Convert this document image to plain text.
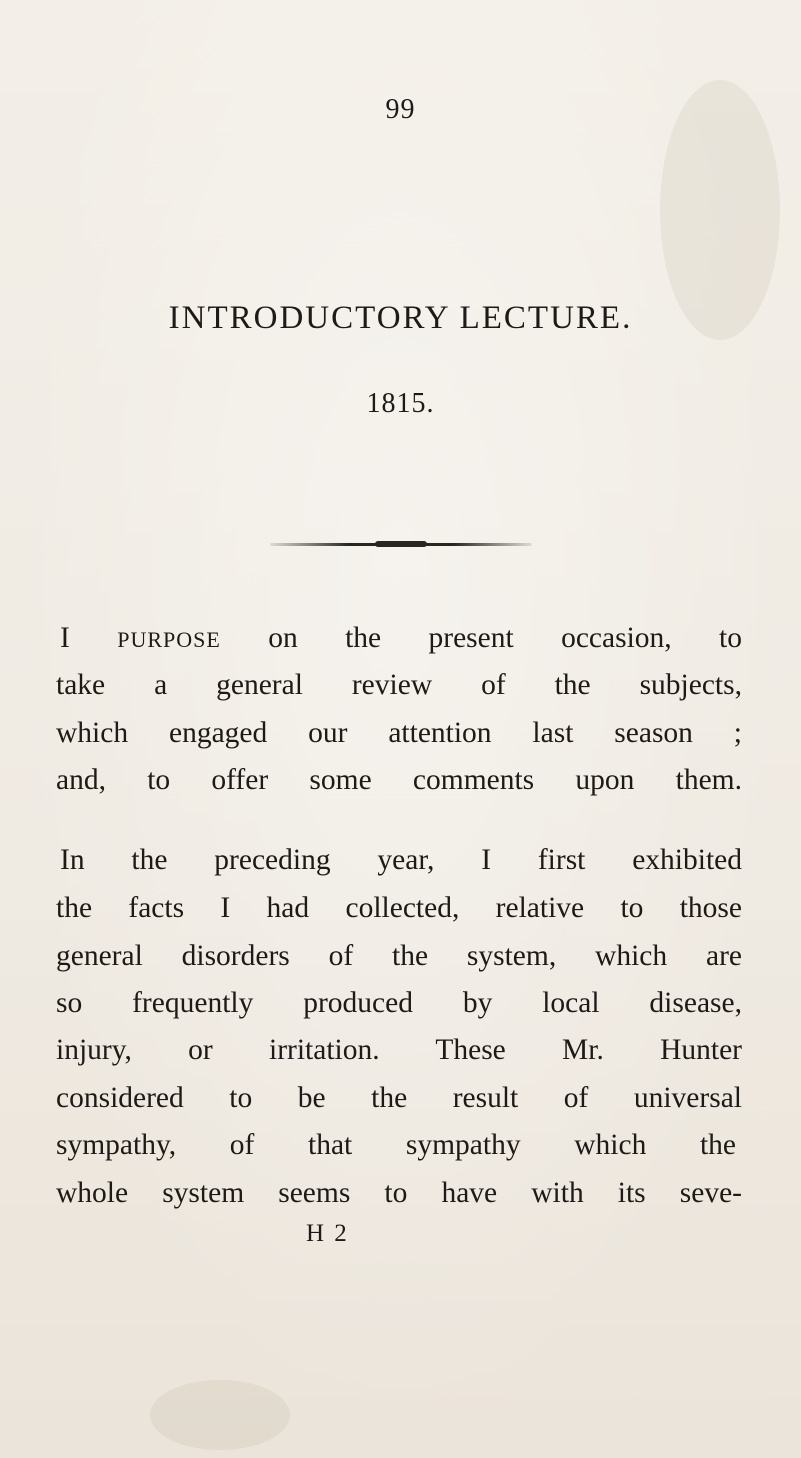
99
INTRODUCTORY LECTURE.
1815.
I PURPOSE on the present occasion, to
take a general review of the subjects,
which engaged our attention last season ;
and, to offer some comments upon them.
In the preceding year, I first exhibited
the facts I had collected, relative to those
general disorders of the system, which are
so frequently produced by local disease,
injury, or irritation. These Mr. Hunter
considered to be the result of universal
sympathy, of that sympathy which the
whole system seems to have with its seve-
H 2
